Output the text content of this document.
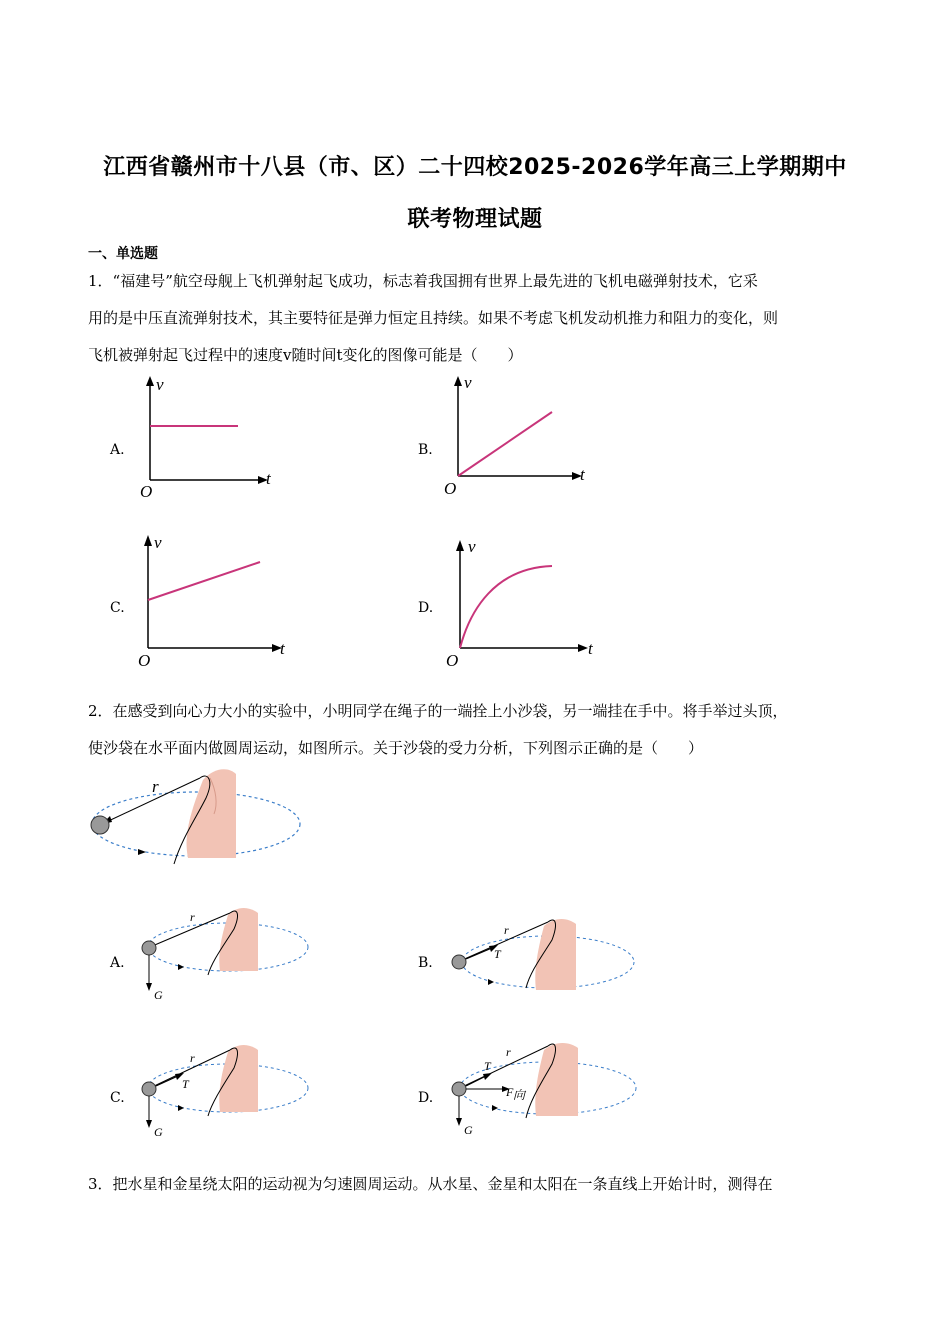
江西省赣州市十八县（市、区）二十四校2025-2026学年高三上学期期中
联考物理试题
一、单选题
1．“福建号”航空母舰上飞机弹射起飞成功，标志着我国拥有世界上最先进的飞机电磁弹射技术，它采
用的是中压直流弹射技术，其主要特征是弹力恒定且持续。如果不考虑飞机发动机推力和阻力的变化，则
飞机被弹射起飞过程中的速度v随时间t变化的图像可能是（　　）
A.	B.
C.	D.
v
t
O
v
t
O
v
t
O
v
t
O
2．在感受到向心力大小的实验中，小明同学在绳子的一端拴上小沙袋，另一端挂在手中。将手举过头顶，
使沙袋在水平面内做圆周运动，如图所示。关于沙袋的受力分析，下列图示正确的是（　　）
r
A.	B.
C.	D.
r
G
r
T
r
T
G
r
T
F 向
G
3．把水星和金星绕太阳的运动视为匀速圆周运动。从水星、金星和太阳在一条直线上开始计时，测得在
